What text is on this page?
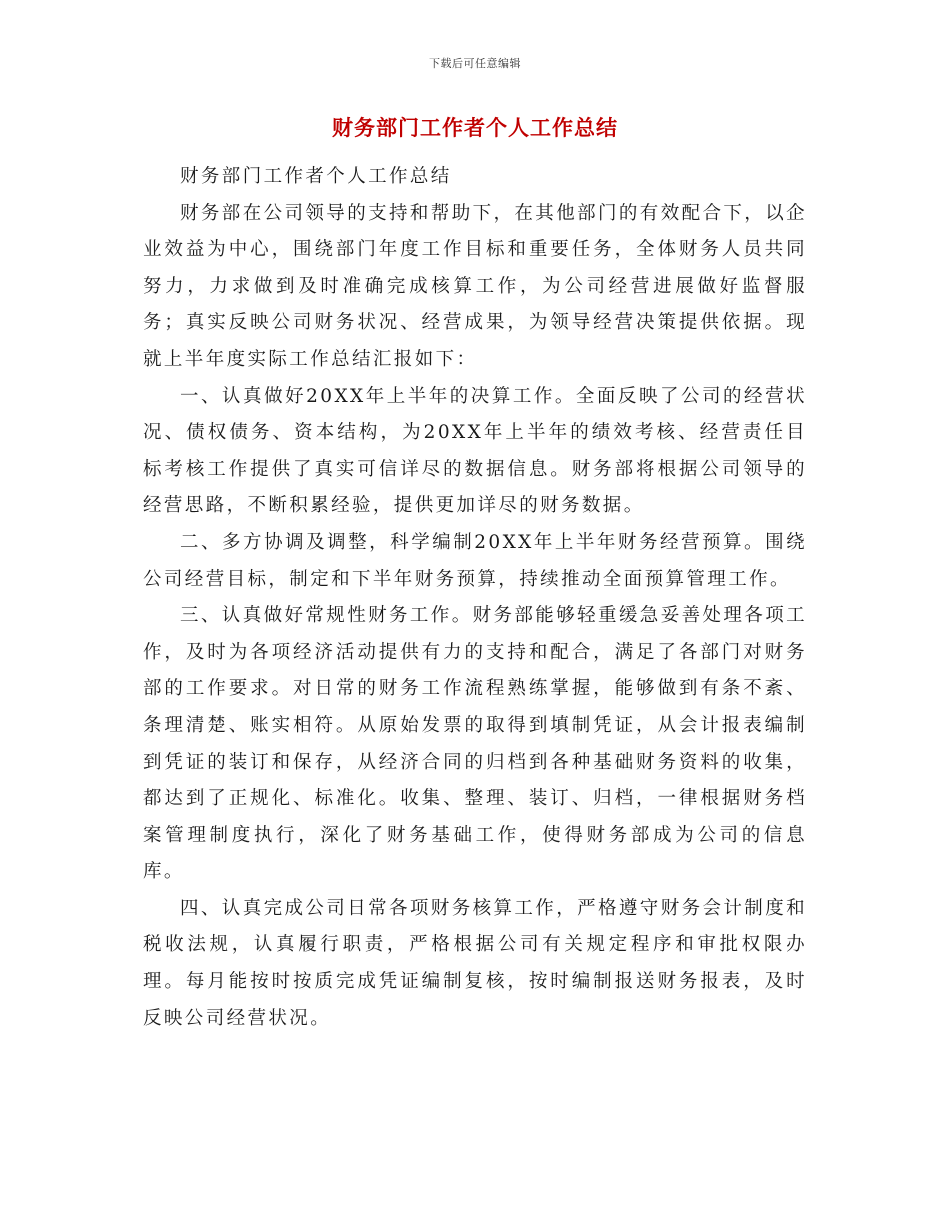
下载后可任意编辑
财务部门工作者个人工作总结

财务部门工作者个人工作总结

财务部在公司领导的支持和帮助下，在其他部门的有效配合下，以企业效益为中心，围绕部门年度工作目标和重要任务，全体财务人员共同努力，力求做到及时准确完成核算工作，为公司经营进展做好监督服务；真实反映公司财务状况、经营成果，为领导经营决策提供依据。现就上半年度实际工作总结汇报如下：

一、认真做好20XX年上半年的决算工作。全面反映了公司的经营状况、债权债务、资本结构，为20XX年上半年的绩效考核、经营责任目标考核工作提供了真实可信详尽的数据信息。财务部将根据公司领导的经营思路，不断积累经验，提供更加详尽的财务数据。

二、多方协调及调整，科学编制20XX年上半年财务经营预算。围绕公司经营目标，制定和下半年财务预算，持续推动全面预算管理工作。

三、认真做好常规性财务工作。财务部能够轻重缓急妥善处理各项工作，及时为各项经济活动提供有力的支持和配合，满足了各部门对财务部的工作要求。对日常的财务工作流程熟练掌握，能够做到有条不紊、条理清楚、账实相符。从原始发票的取得到填制凭证，从会计报表编制到凭证的装订和保存，从经济合同的归档到各种基础财务资料的收集，都达到了正规化、标准化。收集、整理、装订、归档，一律根据财务档案管理制度执行，深化了财务基础工作，使得财务部成为公司的信息库。

四、认真完成公司日常各项财务核算工作，严格遵守财务会计制度和税收法规，认真履行职责，严格根据公司有关规定程序和审批权限办理。每月能按时按质完成凭证编制复核，按时编制报送财务报表，及时反映公司经营状况。
